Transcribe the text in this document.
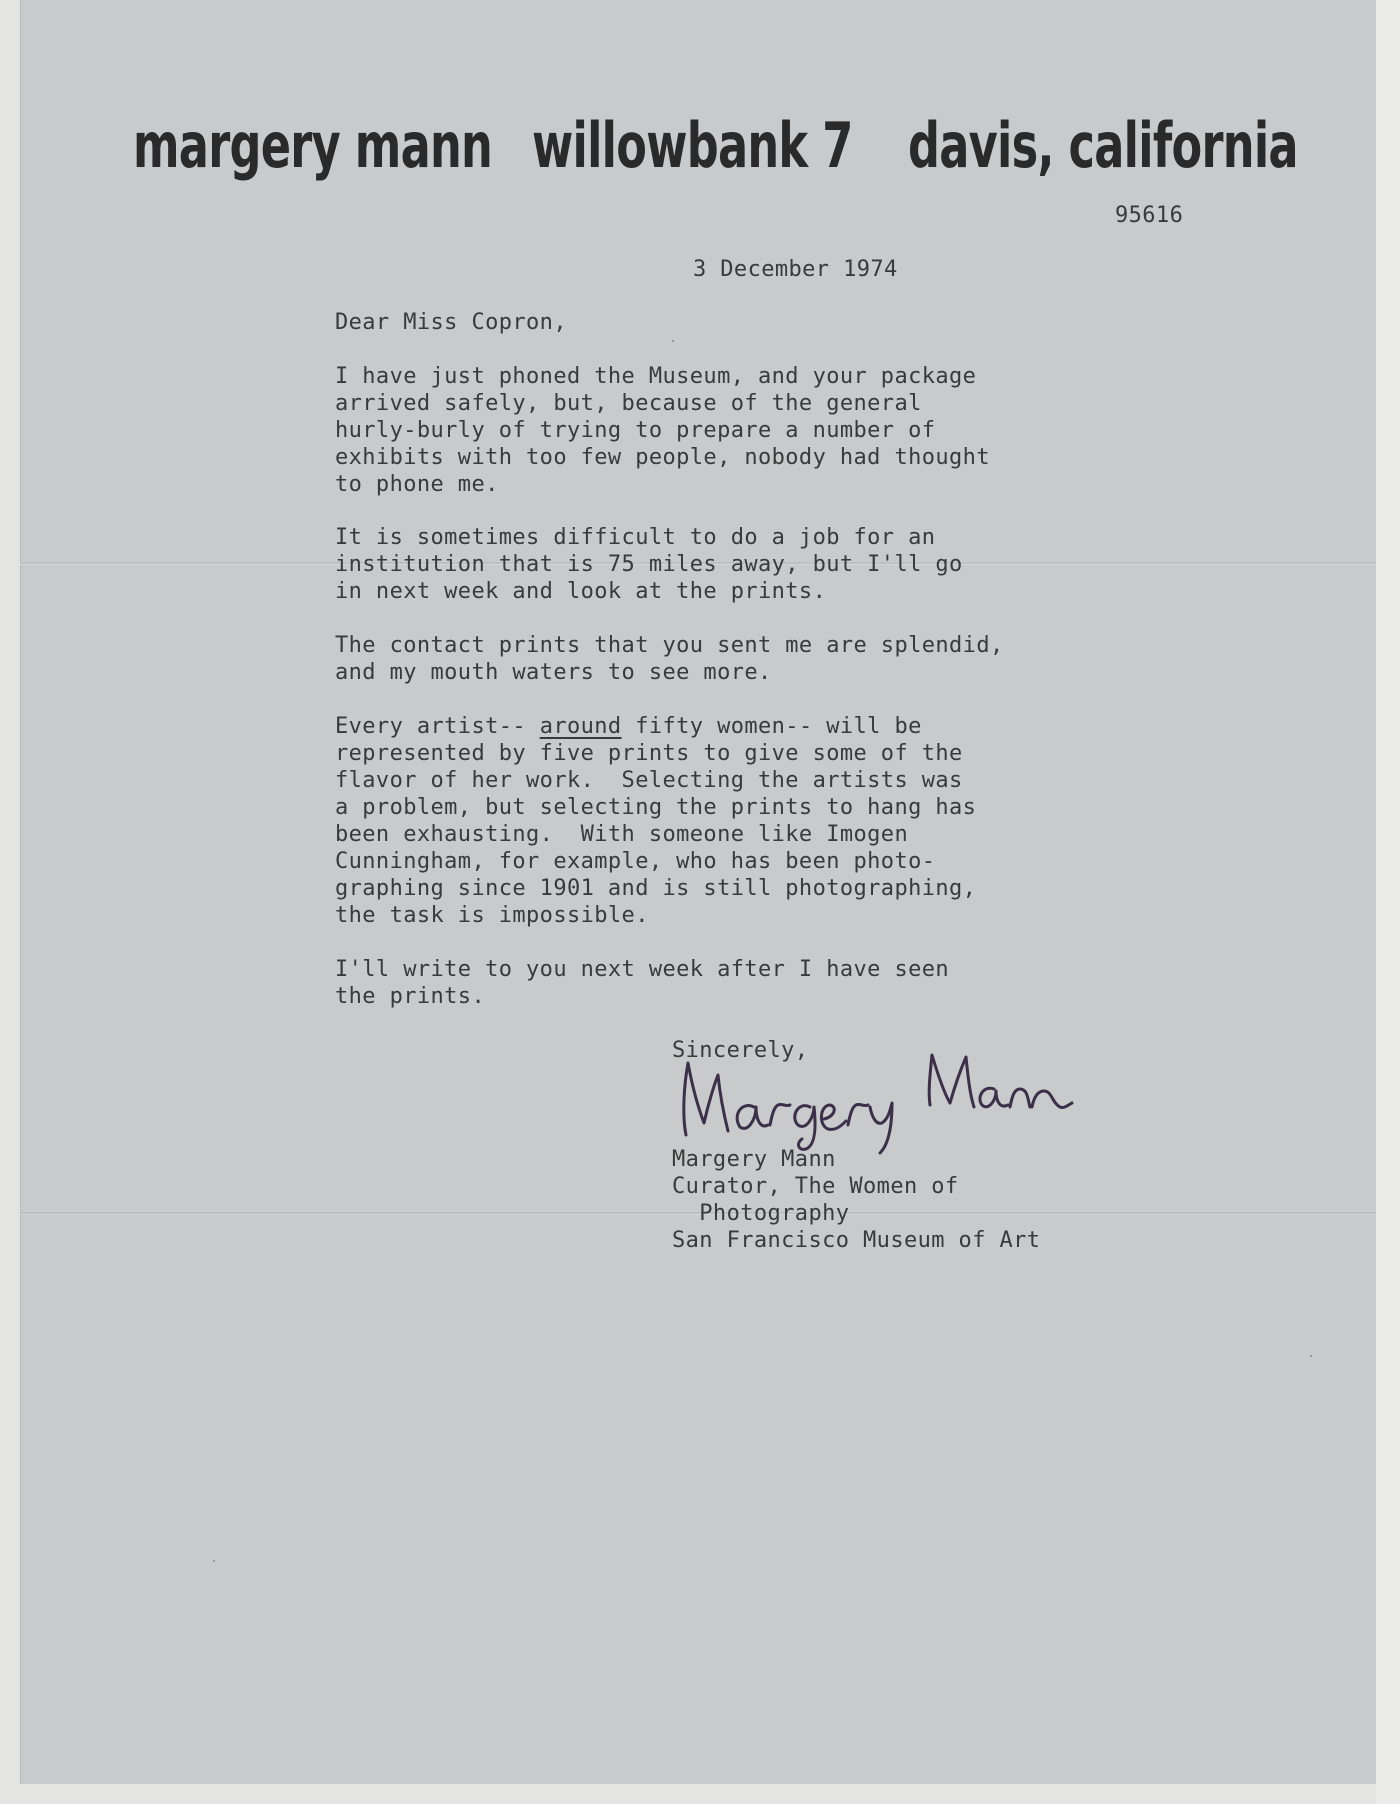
margery mann willowbank 7 davis, california
95616
3 December 1974
Dear Miss Copron,
I have just phoned the Museum, and your package
arrived safely, but, because of the general
hurly-burly of trying to prepare a number of
exhibits with too few people, nobody had thought
to phone me.
It is sometimes difficult to do a job for an
institution that is 75 miles away, but I'll go
in next week and look at the prints.
The contact prints that you sent me are splendid,
and my mouth waters to see more.
Every artist-- around fifty women-- will be
represented by five prints to give some of the
flavor of her work.  Selecting the artists was
a problem, but selecting the prints to hang has
been exhausting.  With someone like Imogen
Cunningham, for example, who has been photo-
graphing since 1901 and is still photographing,
the task is impossible.
I'll write to you next week after I have seen
the prints.
Sincerely,
Margery Mann
Curator, The Women of
Photography
San Francisco Museum of Art
